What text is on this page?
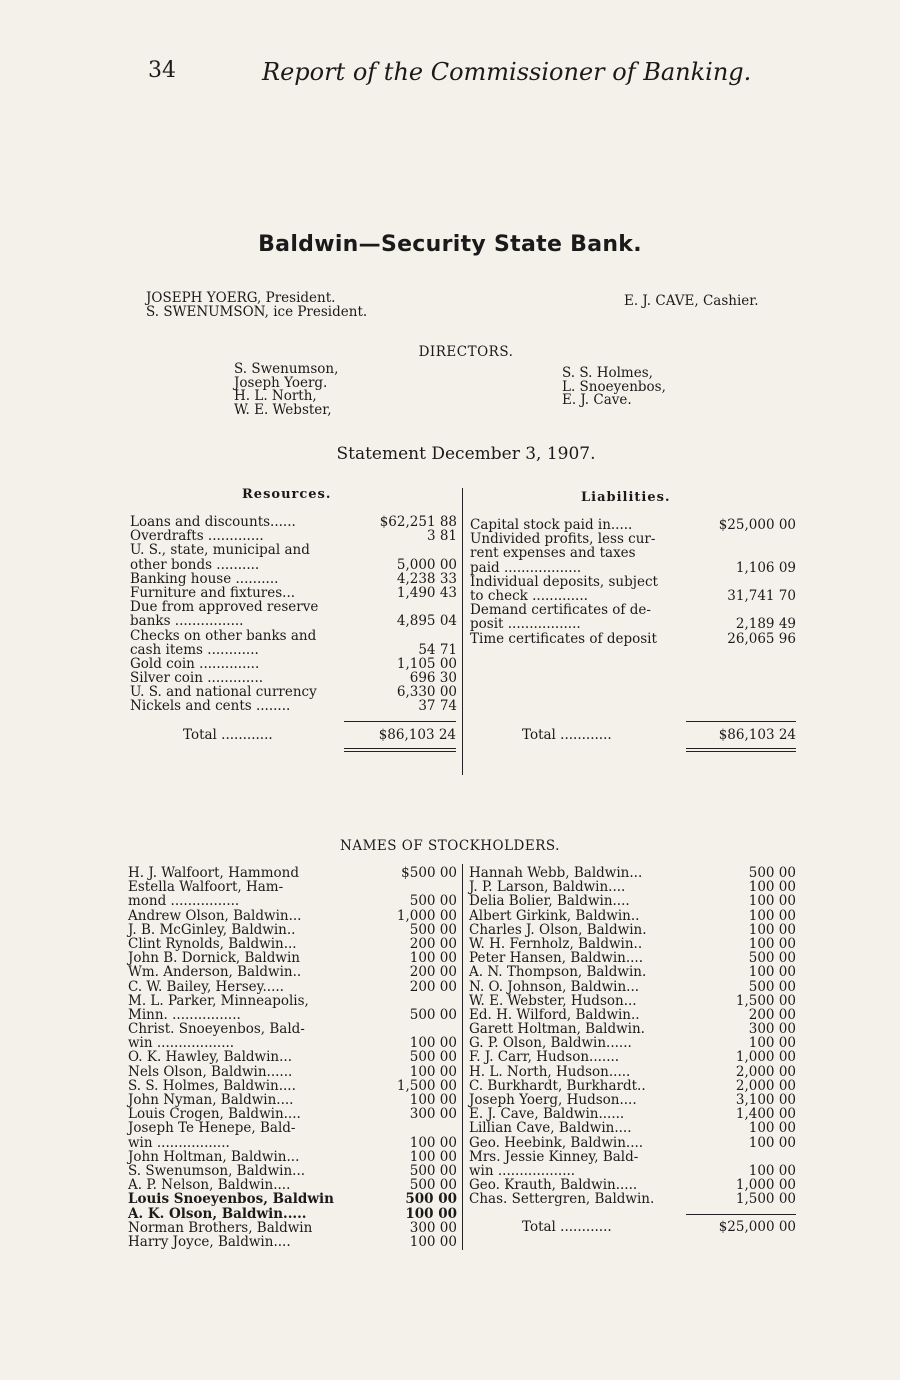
34	Report of the Commissioner of Banking.
Baldwin—Security State Bank.
JOSEPH YOERG, President.
S. SWENUMSON, ice President.
E. J. CAVE, Cashier.
DIRECTORS.
S. Swenumson,
Joseph Yoerg.
H. L. North,
W. E. Webster,
S. S. Holmes,
L. Snoeyenbos,
E. J. Cave.
Statement December 3, 1907.
Resources.	Liabilities.
Loans and discounts......	$62,251 88
Overdrafts .............	3 81
U. S., state, municipal and
other bonds ..........	5,000 00
Banking house ..........	4,238 33
Furniture and fixtures...	1,490 43
Due from approved reserve
banks ................	4,895 04
Checks on other banks and
cash items ............	54 71
Gold coin ..............	1,105 00
Silver coin .............	696 30
U. S. and national currency	6,330 00
Nickels and cents ........	37 74
Capital stock paid in.....	$25,000 00
Undivided profits, less cur-
rent expenses and taxes
paid ..................	1,106 09
Individual deposits, subject
to check .............	31,741 70
Demand certificates of de-
posit .................	2,189 49
Time certificates of deposit	26,065 96
Total ............	$86,103 24	Total ............	$86,103 24
NAMES OF STOCKHOLDERS.
H. J. Walfoort, Hammond	$500 00
Estella Walfoort, Ham-
mond ................	500 00
Andrew Olson, Baldwin...	1,000 00
J. B. McGinley, Baldwin..	500 00
Clint Rynolds, Baldwin...	200 00
John B. Dornick, Baldwin	100 00
Wm. Anderson, Baldwin..	200 00
C. W. Bailey, Hersey.....	200 00
M. L. Parker, Minneapolis,
Minn. ................	500 00
Christ. Snoeyenbos, Bald-
win ..................	100 00
O. K. Hawley, Baldwin...	500 00
Nels Olson, Baldwin......	100 00
S. S. Holmes, Baldwin....	1,500 00
John Nyman, Baldwin....	100 00
Louis Crogen, Baldwin....	300 00
Joseph Te Henepe, Bald-
win .................	100 00
John Holtman, Baldwin...	100 00
S. Swenumson, Baldwin...	500 00
A. P. Nelson, Baldwin....	500 00
Louis Snoeyenbos, Baldwin	500 00
A. K. Olson, Baldwin.....	100 00
Norman Brothers, Baldwin	300 00
Harry Joyce, Baldwin....	100 00
Hannah Webb, Baldwin...	500 00
J. P. Larson, Baldwin....	100 00
Delia Bolier, Baldwin....	100 00
Albert Girkink, Baldwin..	100 00
Charles J. Olson, Baldwin.	100 00
W. H. Fernholz, Baldwin..	100 00
Peter Hansen, Baldwin....	500 00
A. N. Thompson, Baldwin.	100 00
N. O. Johnson, Baldwin...	500 00
W. E. Webster, Hudson...	1,500 00
Ed. H. Wilford, Baldwin..	200 00
Garett Holtman, Baldwin.	300 00
G. P. Olson, Baldwin......	100 00
F. J. Carr, Hudson.......	1,000 00
H. L. North, Hudson.....	2,000 00
C. Burkhardt, Burkhardt..	2,000 00
Joseph Yoerg, Hudson....	3,100 00
E. J. Cave, Baldwin......	1,400 00
Lillian Cave, Baldwin....	100 00
Geo. Heebink, Baldwin....	100 00
Mrs. Jessie Kinney, Bald-
win ..................	100 00
Geo. Krauth, Baldwin.....	1,000 00
Chas. Settergren, Baldwin.	1,500 00
Total ............	$25,000 00
